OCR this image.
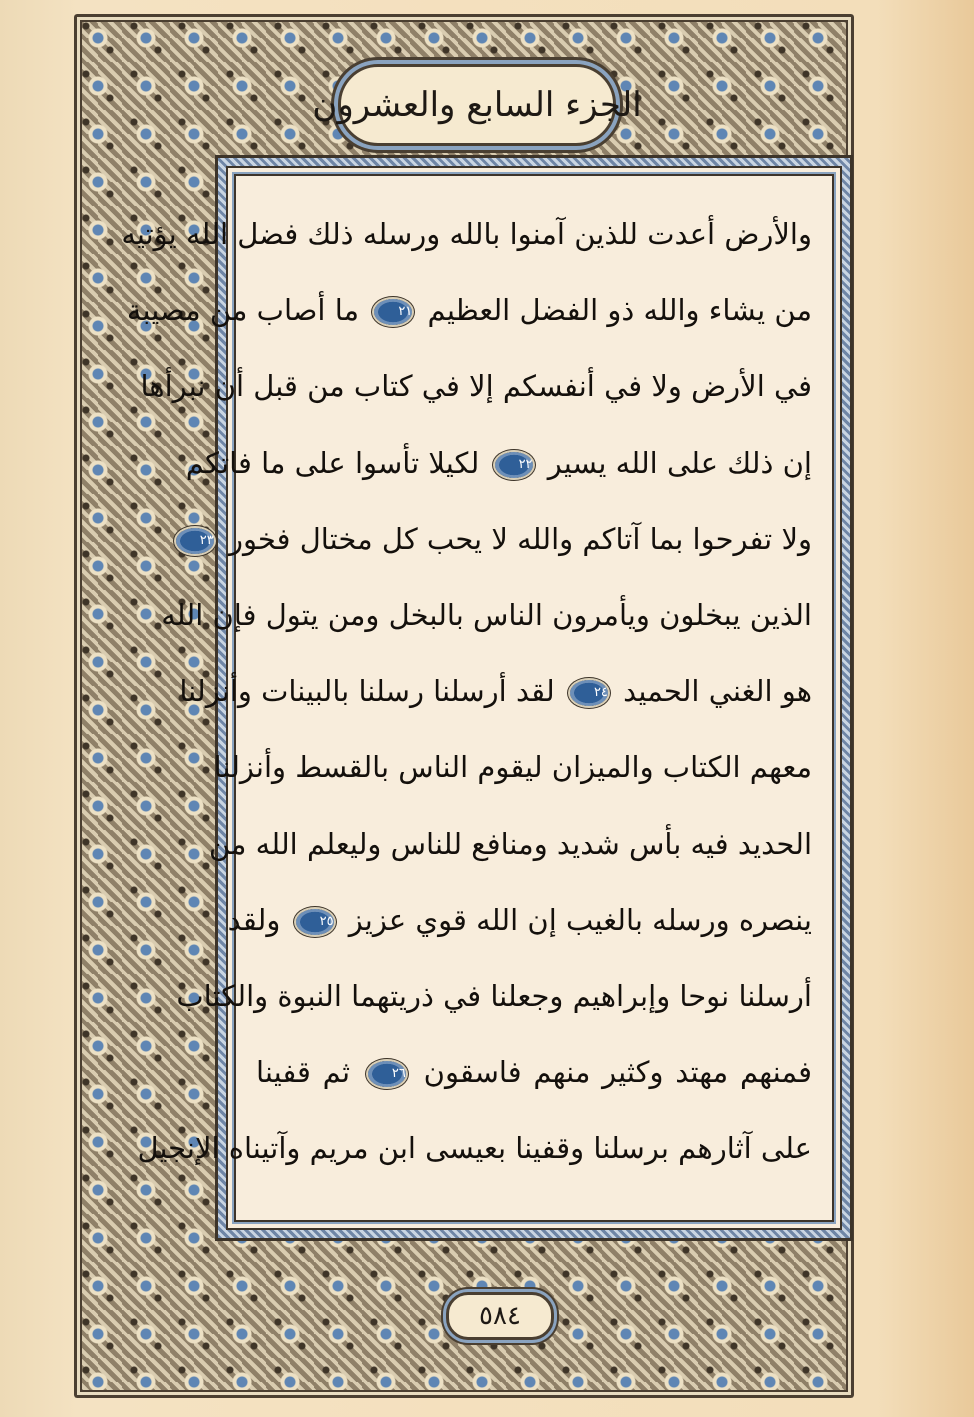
الجزء السابع والعشرون
والأرض أعدت للذين آمنوا بالله ورسله ذلك فضل الله يؤتيه
من يشاء والله ذو الفضل العظيم ٢١ ما أصاب من مصيبة
في الأرض ولا في أنفسكم إلا في كتاب من قبل أن نبرأها
إن ذلك على الله يسير ٢٢ لكيلا تأسوا على ما فاتكم
ولا تفرحوا بما آتاكم والله لا يحب كل مختال فخور ٢٣
الذين يبخلون ويأمرون الناس بالبخل ومن يتول فإن الله
هو الغني الحميد ٢٤ لقد أرسلنا رسلنا بالبينات وأنزلنا
معهم الكتاب والميزان ليقوم الناس بالقسط وأنزلنا
الحديد فيه بأس شديد ومنافع للناس وليعلم الله من
ينصره ورسله بالغيب إن الله قوي عزيز ٢٥ ولقد
أرسلنا نوحا وإبراهيم وجعلنا في ذريتهما النبوة والكتاب
فمنهم مهتد وكثير منهم فاسقون ٢٦ ثم قفينا
على آثارهم برسلنا وقفينا بعيسى ابن مريم وآتيناه الإنجيل
٥٨٤
